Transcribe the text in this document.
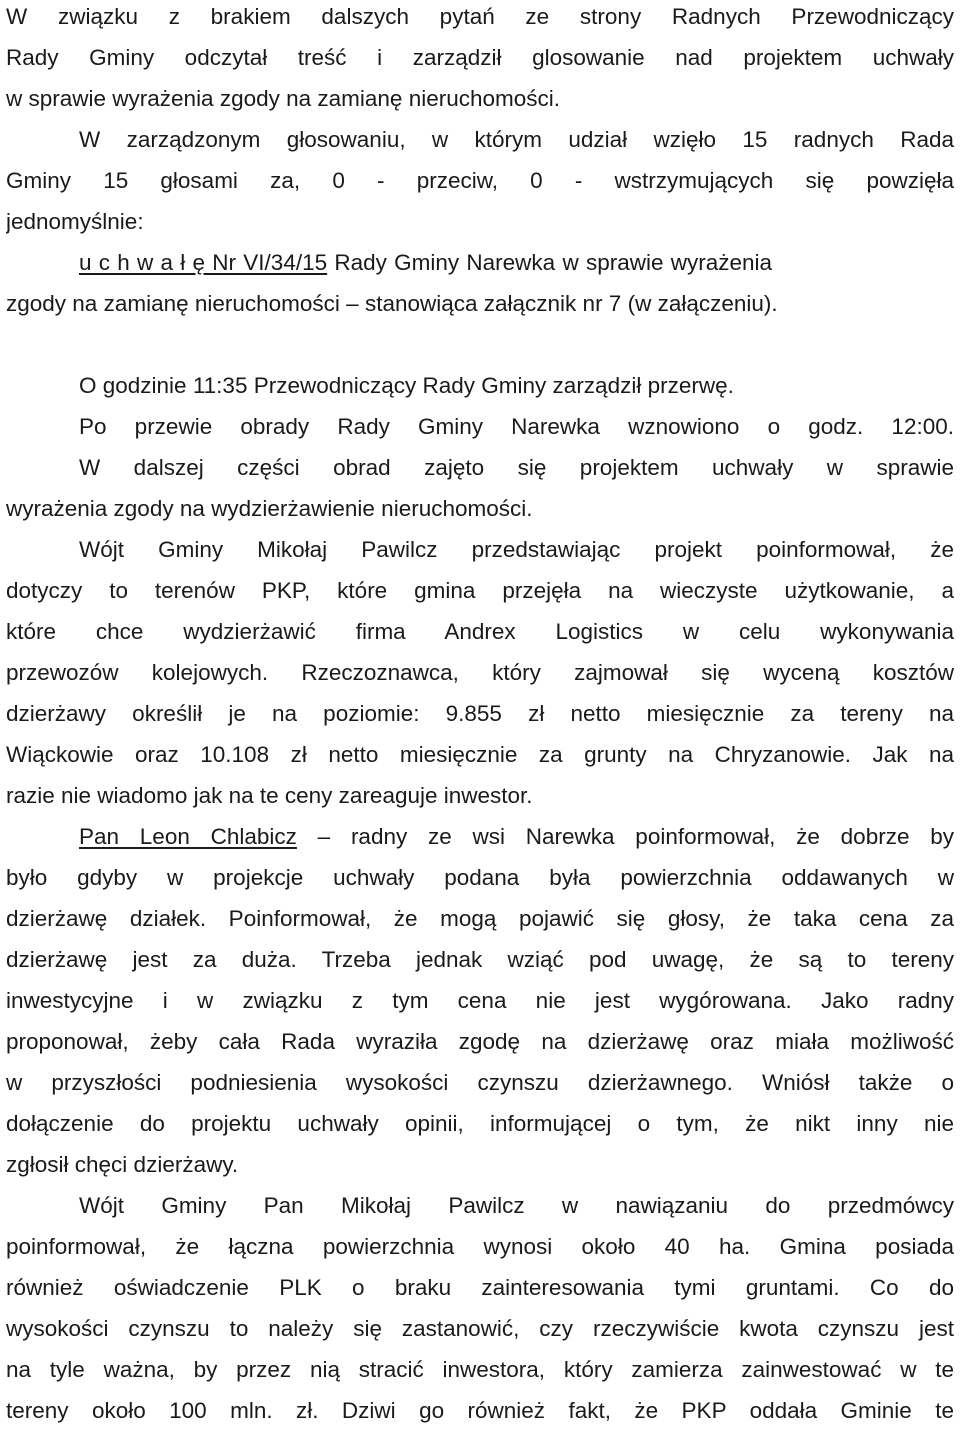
W związku z brakiem dalszych pytań ze strony Radnych Przewodniczący
Rady Gminy odczytał treść i zarządził glosowanie nad projektem uchwały
w sprawie wyrażenia zgody na zamianę nieruchomości.
W zarządzonym głosowaniu, w którym udział wzięło 15 radnych Rada
Gminy 15 głosami za, 0 - przeciw, 0 - wstrzymujących się powzięła
jednomyślnie:
u c h w a ł ę Nr VI/34/15 Rady Gminy Narewka w sprawie wyrażenia
zgody na zamianę nieruchomości – stanowiąca załącznik nr 7 (w załączeniu).
O godzinie 11:35 Przewodniczący Rady Gminy zarządził przerwę.
Po przewie obrady Rady Gminy Narewka wznowiono o godz. 12:00.
W dalszej części obrad zajęto się projektem uchwały w sprawie
wyrażenia zgody na wydzierżawienie nieruchomości.
Wójt Gminy Mikołaj Pawilcz przedstawiając projekt poinformował, że
dotyczy to terenów PKP, które gmina przejęła na wieczyste użytkowanie, a
które chce wydzierżawić firma Andrex Logistics w celu wykonywania
przewozów kolejowych. Rzeczoznawca, który zajmował się wyceną kosztów
dzierżawy określił je na poziomie: 9.855 zł netto miesięcznie za tereny na
Wiąckowie oraz 10.108 zł netto miesięcznie za grunty na Chryzanowie. Jak na
razie nie wiadomo jak na te ceny zareaguje inwestor.
Pan Leon Chlabicz – radny ze wsi Narewka poinformował, że dobrze by
było gdyby w projekcje uchwały podana była powierzchnia oddawanych w
dzierżawę działek. Poinformował, że mogą pojawić się głosy, że taka cena za
dzierżawę jest za duża. Trzeba jednak wziąć pod uwagę, że są to tereny
inwestycyjne i w związku z tym cena nie jest wygórowana. Jako radny
proponował, żeby cała Rada wyraziła zgodę na dzierżawę oraz miała możliwość
w przyszłości podniesienia wysokości czynszu dzierżawnego. Wniósł także o
dołączenie do projektu uchwały opinii, informującej o tym, że nikt inny nie
zgłosił chęci dzierżawy.
Wójt Gminy Pan Mikołaj Pawilcz w nawiązaniu do przedmówcy
poinformował, że łączna powierzchnia wynosi około 40 ha. Gmina posiada
również oświadczenie PLK o braku zainteresowania tymi gruntami. Co do
wysokości czynszu to należy się zastanowić, czy rzeczywiście kwota czynszu jest
na tyle ważna, by przez nią stracić inwestora, który zamierza zainwestować w te
tereny około 100 mln. zł. Dziwi go również fakt, że PKP oddała Gminie te
